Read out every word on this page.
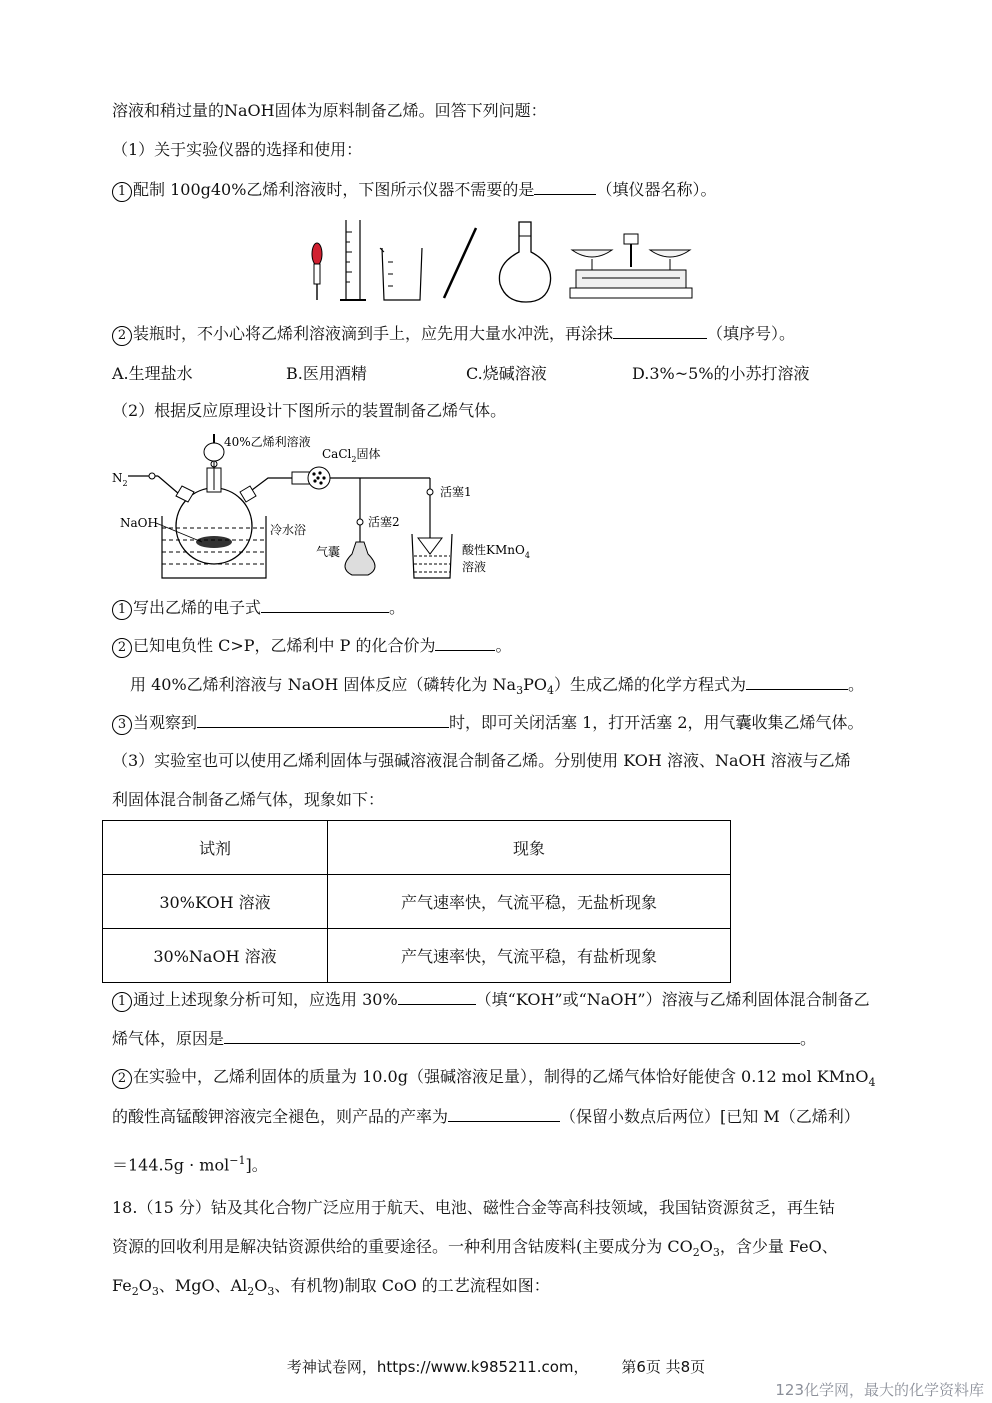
溶液和稍过量的NaOH固体为原料制备乙烯。回答下列问题：
（1）关于实验仪器的选择和使用：
1 配制 100g40%乙烯利溶液时，下图所示仪器不需要的是	（填仪器名称）。
2 装瓶时，不小心将乙烯利溶液滴到手上，应先用大量水冲洗，再涂抹	（填序号）。
A.生理盐水	B.医用酒精	C.烧碱溶液	D.3%~5%的小苏打溶液
（2）根据反应原理设计下图所示的装置制备乙烯气体。
$N_2$
40%乙烯利溶液
NaOH	冷水浴
CaCl$_2$固体
活塞2
气囊
活塞1
酸性KMnO$_4$
溶液
1 写出乙烯的电子式	。
2 已知电负性 C>P，乙烯利中 P 的化合价为	。
用 40%乙烯利溶液与 NaOH 固体反应（磷转化为 $Na_3PO_4$）生成乙烯的化学方程式为	。
3 当观察到	时，即可关闭活塞 1，打开活塞 2，用气囊收集乙烯气体。
（3）实验室也可以使用乙烯利固体与强碱溶液混合制备乙烯。分别使用 KOH 溶液、NaOH 溶液与乙烯
利固体混合制备乙烯气体，现象如下：
试剂	现象
30%KOH 溶液	产气速率快，气流平稳，无盐析现象
30%NaOH 溶液	产气速率快，气流平稳，有盐析现象
1 通过上述现象分析可知，应选用 30%	（填“KOH”或“NaOH”）溶液与乙烯利固体混合制备乙
烯气体，原因是	。
2 在实验中，乙烯利固体的质量为 10.0g（强碱溶液足量），制得的乙烯气体恰好能使含 0.12 mol KMnO$_4$
的酸性高锰酸钾溶液完全褪色，则产品的产率为	（保留小数点后两位）[已知 M（乙烯利）
＝144.5g · mol$^{-1}$]。
18.（15 分）钴及其化合物广泛应用于航天、电池、磁性合金等高科技领域，我国钴资源贫乏，再生钴
资源的回收利用是解决钴资源供给的重要途径。一种利用含钴废料(主要成分为 $CO_2O_3$，含少量 FeO、
$Fe_2O_3$、MgO、$Al_2O_3$、有机物)制取 CoO 的工艺流程如图：
考神试卷网，https://www.k985211.com， 第6页 共8页
123化学网，最大的化学资料库
